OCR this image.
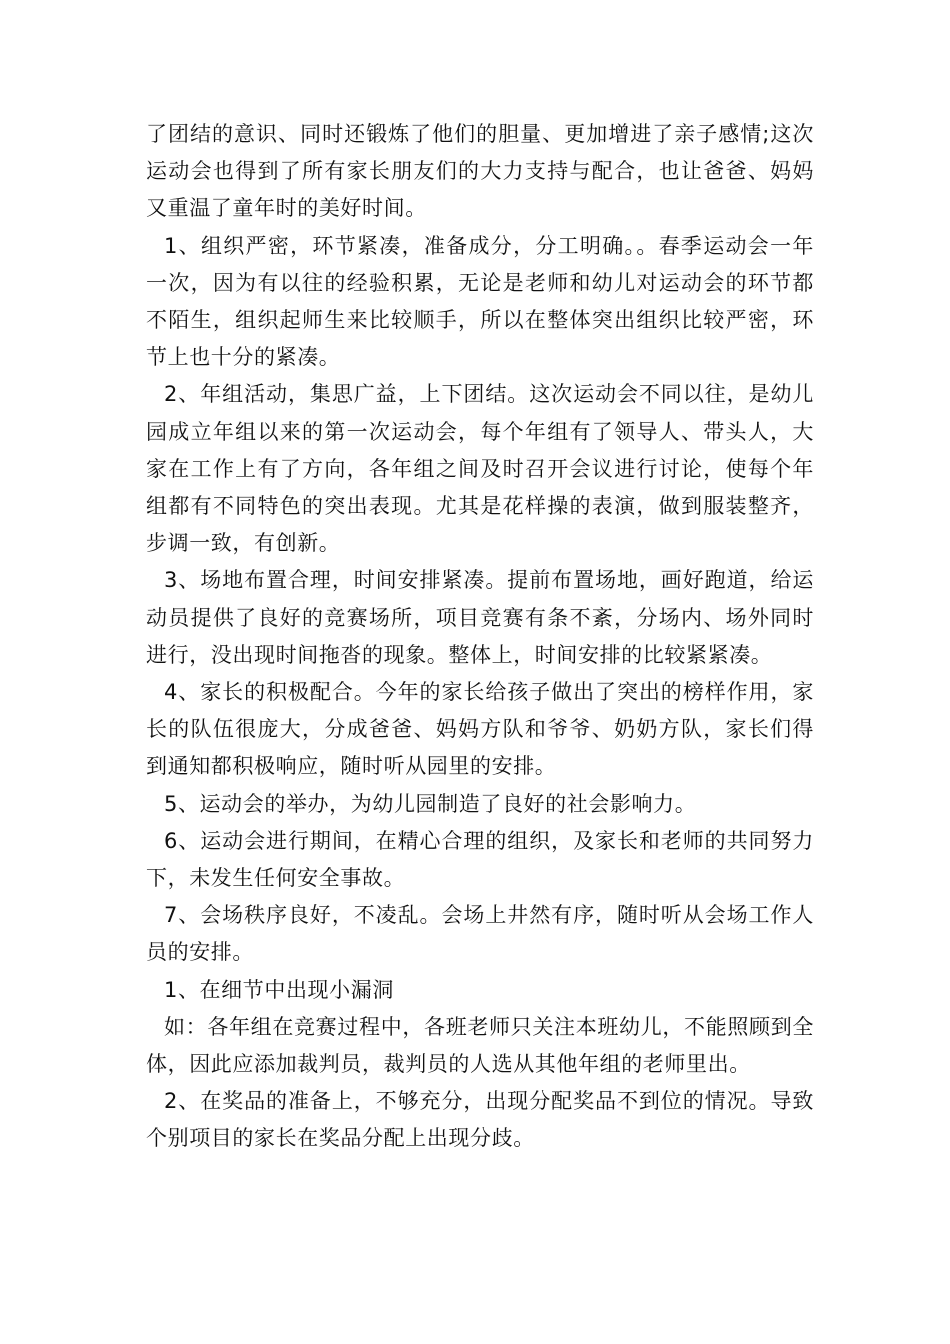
了团结的意识、同时还锻炼了他们的胆量、更加增进了亲子感情;这次运动会也得到了所有家长朋友们的大力支持与配合，也让爸爸、妈妈又重温了童年时的美好时间。

1、组织严密，环节紧凑，准备成分，分工明确。。春季运动会一年一次，因为有以往的经验积累，无论是老师和幼儿对运动会的环节都不陌生，组织起师生来比较顺手，所以在整体突出组织比较严密，环节上也十分的紧凑。

2、年组活动，集思广益，上下团结。这次运动会不同以往，是幼儿园成立年组以来的第一次运动会，每个年组有了领导人、带头人，大家在工作上有了方向，各年组之间及时召开会议进行讨论，使每个年组都有不同特色的突出表现。尤其是花样操的表演，做到服装整齐，步调一致，有创新。

3、场地布置合理，时间安排紧凑。提前布置场地，画好跑道，给运动员提供了良好的竞赛场所，项目竞赛有条不紊，分场内、场外同时进行，没出现时间拖沓的现象。整体上，时间安排的比较紧紧凑。

4、家长的积极配合。今年的家长给孩子做出了突出的榜样作用，家长的队伍很庞大，分成爸爸、妈妈方队和爷爷、奶奶方队，家长们得到通知都积极响应，随时听从园里的安排。

5、运动会的举办，为幼儿园制造了良好的社会影响力。

6、运动会进行期间，在精心合理的组织，及家长和老师的共同努力下，未发生任何安全事故。

7、会场秩序良好，不凌乱。会场上井然有序，随时听从会场工作人员的安排。

1、在细节中出现小漏洞

如：各年组在竞赛过程中，各班老师只关注本班幼儿，不能照顾到全体，因此应添加裁判员，裁判员的人选从其他年组的老师里出。

2、在奖品的准备上，不够充分，出现分配奖品不到位的情况。导致个别项目的家长在奖品分配上出现分歧。
